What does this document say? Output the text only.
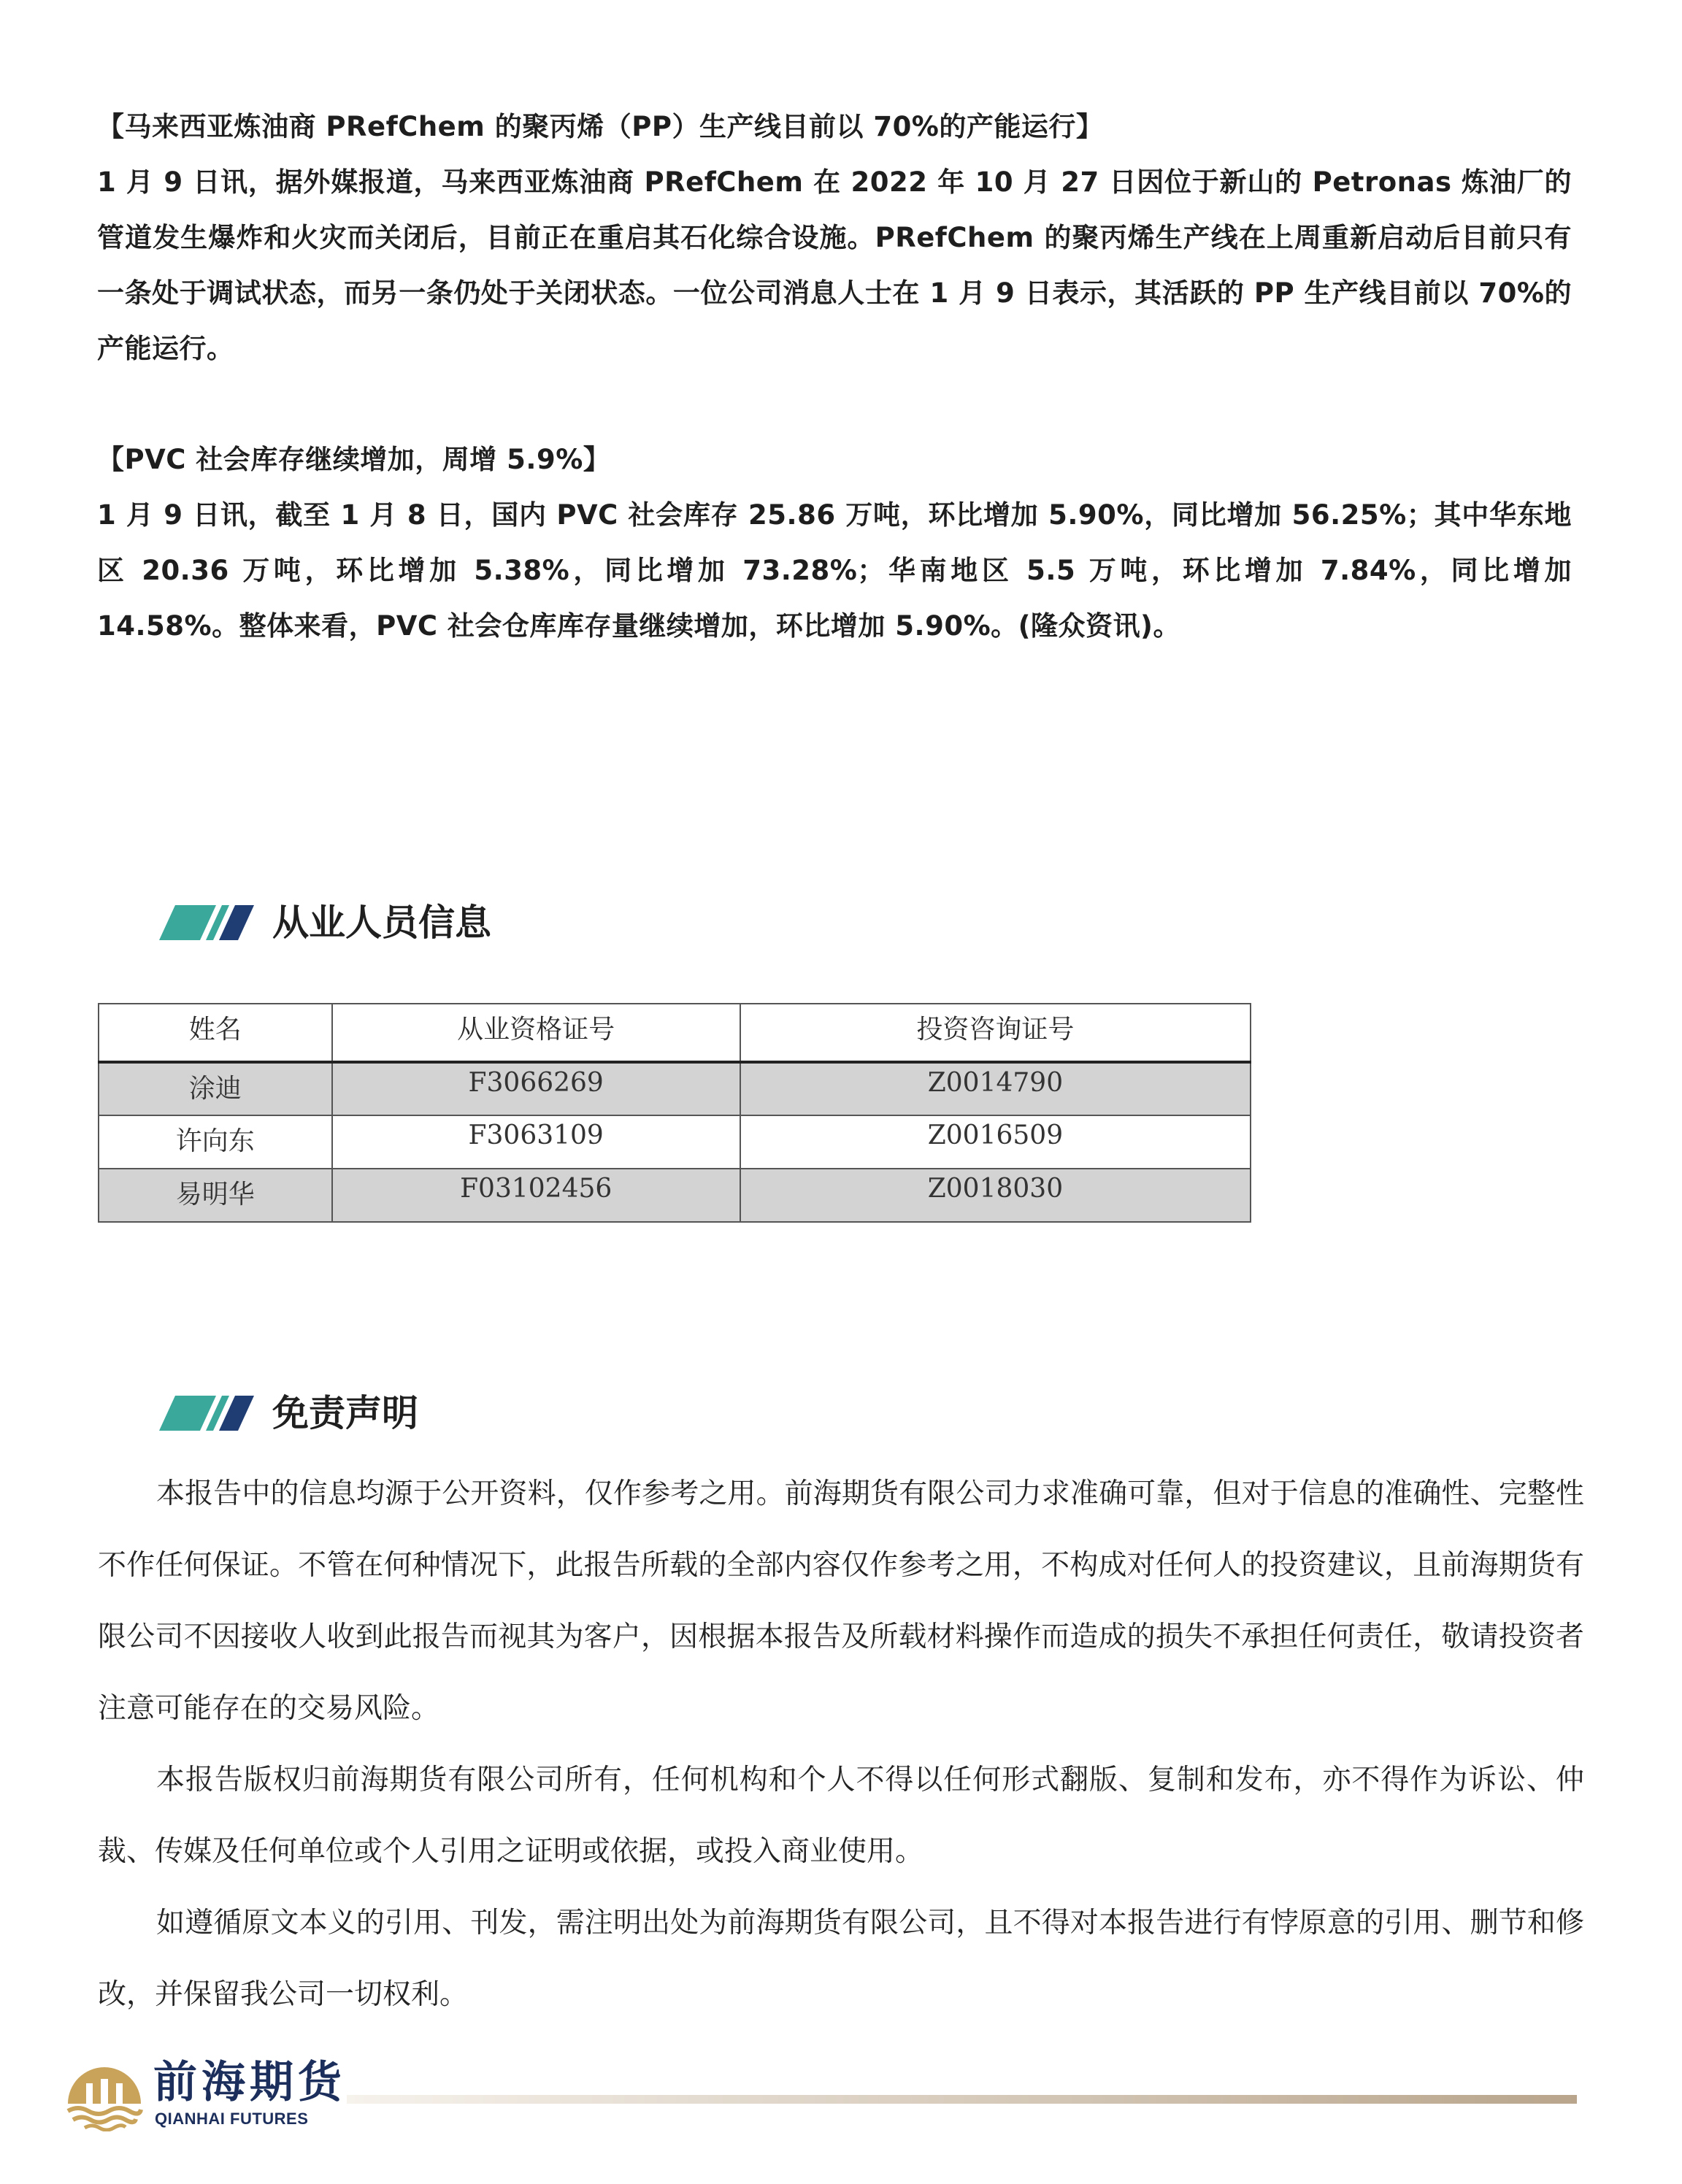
【马来西亚炼油商 PRefChem 的聚丙烯（PP）生产线目前以 70%的产能运行】

1 月 9 日讯，据外媒报道，马来西亚炼油商 PRefChem 在 2022 年 10 月 27 日因位于新山的 Petronas 炼油厂的管道发生爆炸和火灾而关闭后，目前正在重启其石化综合设施。PRefChem 的聚丙烯生产线在上周重新启动后目前只有一条处于调试状态，而另一条仍处于关闭状态。一位公司消息人士在 1 月 9 日表示，其活跃的 PP 生产线目前以 70%的产能运行。

【PVC 社会库存继续增加，周增 5.9%】

1 月 9 日讯，截至 1 月 8 日，国内 PVC 社会库存 25.86 万吨，环比增加 5.90%，同比增加 56.25%；其中华东地区 20.36 万吨，环比增加 5.38%，同比增加 73.28%；华南地区 5.5 万吨，环比增加 7.84%，同比增加 14.58%。整体来看，PVC 社会仓库库存量继续增加，环比增加 5.90%。(隆众资讯)。

从业人员信息
姓名	从业资格证号	投资咨询证号
涂迪	F3066269	Z0014790
许向东	F3063109	Z0016509
易明华	F03102456	Z0018030
免责声明

本报告中的信息均源于公开资料，仅作参考之用。前海期货有限公司力求准确可靠，但对于信息的准确性、完整性不作任何保证。不管在何种情况下，此报告所载的全部内容仅作参考之用，不构成对任何人的投资建议，且前海期货有限公司不因接收人收到此报告而视其为客户，因根据本报告及所载材料操作而造成的损失不承担任何责任，敬请投资者注意可能存在的交易风险。

本报告版权归前海期货有限公司所有，任何机构和个人不得以任何形式翻版、复制和发布，亦不得作为诉讼、仲裁、传媒及任何单位或个人引用之证明或依据，或投入商业使用。

如遵循原文本义的引用、刊发，需注明出处为前海期货有限公司，且不得对本报告进行有悖原意的引用、删节和修改，并保留我公司一切权利。

前海期货
QIANHAI FUTURES
